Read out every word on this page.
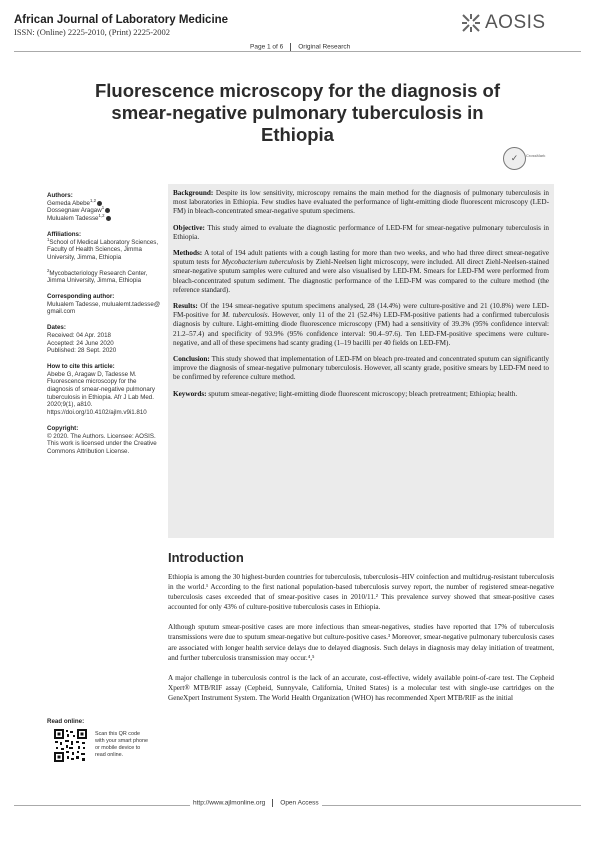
African Journal of Laboratory Medicine
ISSN: (Online) 2225-2010, (Print) 2225-2002	AOSIS
Page 1 of 6 Original Research
Fluorescence microscopy for the diagnosis of smear-negative pulmonary tuberculosis in Ethiopia
✓	CrossMark
Authors:
Gemeda Abebe$^{1,2}$
Dossegnaw Aragaw$^1$
Mulualem Tadesse$^{1,2}$
Affiliations:
$^1$School of Medical Laboratory Sciences, Faculty of Health Sciences, Jimma University, Jimma, Ethiopia
$^2$Mycobacteriology Research Center, Jimma University, Jimma, Ethiopia
Corresponding author:
Mulualem Tadesse, mulualemt.tadesse@gmail.com
Dates:
Received: 04 Apr. 2018
Accepted: 24 June 2020
Published: 28 Sept. 2020
How to cite this article:
Abebe G, Aragaw D, Tadesse M. Fluorescence microscopy for the diagnosis of smear-negative pulmonary tuberculosis in Ethiopia. Afr J Lab Med. 2020;9(1), a810. https://doi.org/10.4102/ajlm.v9i1.810
Copyright:
© 2020. The Authors. Licensee: AOSIS. This work is licensed under the Creative Commons Attribution License.
Read online:
Scan this QR code with your smart phone or mobile device to read online.

Background: Despite its low sensitivity, microscopy remains the main method for the diagnosis of pulmonary tuberculosis in most laboratories in Ethiopia. Few studies have evaluated the performance of light-emitting diode fluorescent microscopy (LED-FM) in bleach-concentrated smear-negative sputum specimens.

Objective: This study aimed to evaluate the diagnostic performance of LED-FM for smear-negative pulmonary tuberculosis in Ethiopia.

Methods: A total of 194 adult patients with a cough lasting for more than two weeks, and who had three direct smear-negative sputum tests for Mycobacterium tuberculosis by Ziehl-Neelsen light microscopy, were included. All direct Ziehl-Neelsen-stained smear-negative sputum samples were cultured and were also visualised by LED-FM. Smears for LED-FM were performed from bleach-concentrated sputum sediment. The diagnostic performance of the LED-FM was compared to the culture method (the reference standard).

Results: Of the 194 smear-negative sputum specimens analysed, 28 (14.4%) were culture-positive and 21 (10.8%) were LED-FM-positive for M. tuberculosis. However, only 11 of the 21 (52.4%) LED-FM-positive patients had a confirmed tuberculosis diagnosis by culture. Light-emitting diode fluorescence microscopy (FM) had a sensitivity of 39.3% (95% confidence interval: 21.2–57.4) and specificity of 93.9% (95% confidence interval: 90.4–97.6). Ten LED-FM-positive specimens were culture-negative, and all of these specimens had scanty grading (1–19 bacilli per 40 fields on LED-FM).

Conclusion: This study showed that implementation of LED-FM on bleach pre-treated and concentrated sputum can significantly improve the diagnosis of smear-negative pulmonary tuberculosis. However, all scanty grade, positive smears by LED-FM need to be confirmed by reference culture method.

Keywords: sputum smear-negative; light-emitting diode fluorescent microscopy; bleach pretreatment; Ethiopia; health.

Introduction

Ethiopia is among the 30 highest-burden countries for tuberculosis, tuberculosis–HIV coinfection and multidrug-resistant tuberculosis in the world.¹ According to the first national population-based tuberculosis survey report, the number of registered smear-negative tuberculosis cases exceeded that of smear-positive cases in 2010/11.² This prevalence survey showed that smear-positive cases accounted for only 43% of culture-positive tuberculosis cases in Ethiopia.

Although sputum smear-positive cases are more infectious than smear-negatives, studies have reported that 17% of tuberculosis transmissions were due to sputum smear-negative but culture-positive cases.³ Moreover, smear-negative pulmonary tuberculosis cases are associated with longer health service delays due to delayed diagnosis. Such delays in diagnosis may delay initiation of treatment, and further tuberculosis transmission may occur.⁴,⁵

A major challenge in tuberculosis control is the lack of an accurate, cost-effective, widely available point-of-care test. The Cepheid Xpert® MTB/RIF assay (Cepheid, Sunnyvale, California, United States) is a molecular test with single-use cartridges on the GeneXpert Instrument System. The World Health Organization (WHO) has recommended Xpert MTB/RIF as the initial

http://www.ajlmonline.org Open Access
